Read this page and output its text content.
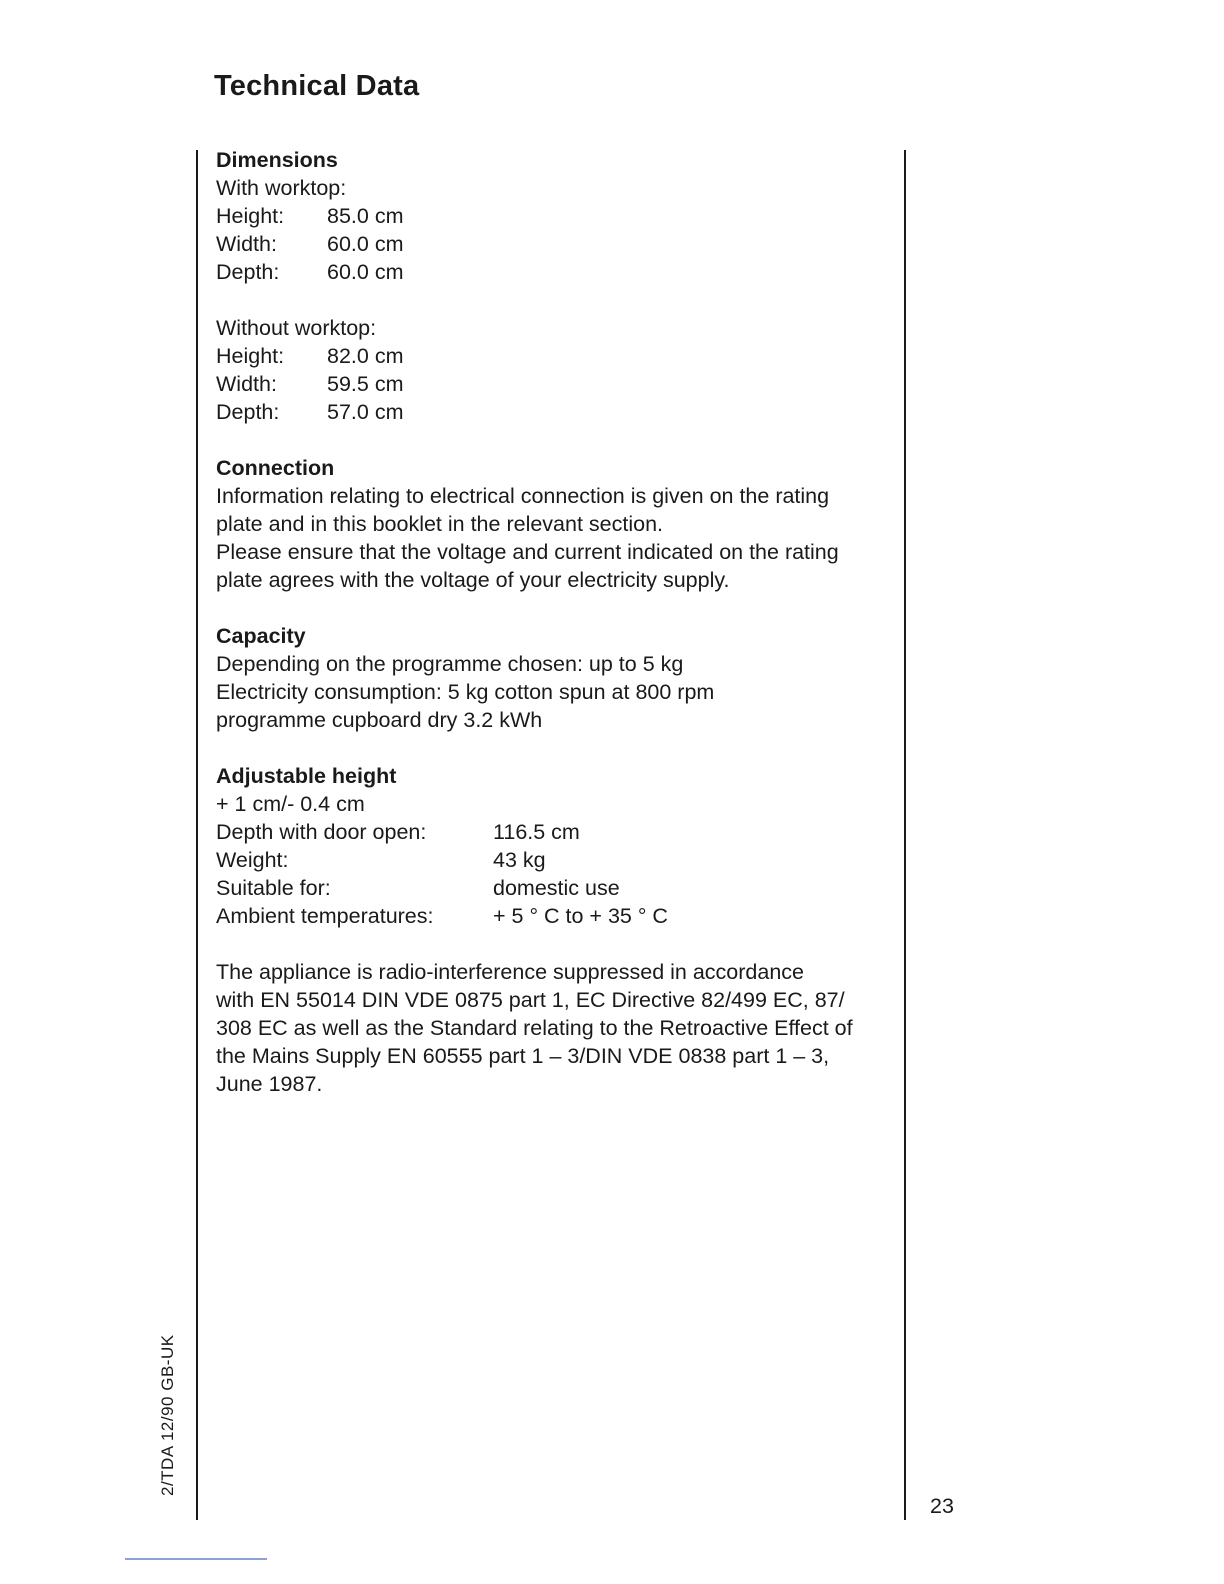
Technical Data
Dimensions
With worktop:
Height:	85.0 cm
Width:	60.0 cm
Depth:	60.0 cm
Without worktop:
Height:	82.0 cm
Width:	59.5 cm
Depth:	57.0 cm
Connection
Information relating to electrical connection is given on the rating
plate and in this booklet in the relevant section.
Please ensure that the voltage and current indicated on the rating
plate agrees with the voltage of your electricity supply.
Capacity
Depending on the programme chosen: up to 5 kg
Electricity consumption: 5 kg cotton spun at 800 rpm
programme cupboard dry 3.2 kWh
Adjustable height
+ 1 cm/- 0.4 cm
Depth with door open:	116.5 cm
Weight:	43 kg
Suitable for:	domestic use
Ambient temperatures:	+ 5 ° C to + 35 ° C
The appliance is radio-interference suppressed in accordance
with EN 55014 DIN VDE 0875 part 1, EC Directive 82/499 EC, 87/
308 EC as well as the Standard relating to the Retroactive Effect of
the Mains Supply EN 60555 part 1 – 3/DIN VDE 0838 part 1 – 3,
June 1987.
2/TDA 12/90 GB-UK
23
